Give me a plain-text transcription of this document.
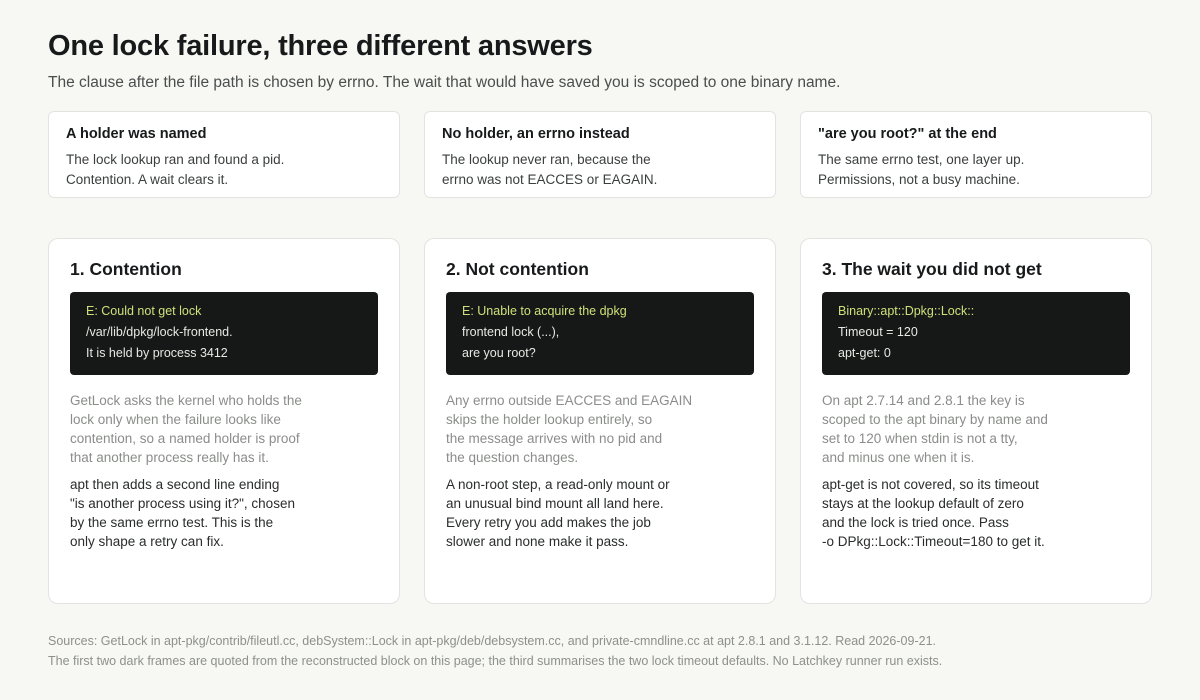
One lock failure, three different answers
The clause after the file path is chosen by errno. The wait that would have saved you is scoped to one binary name.
A holder was named

The lock lookup ran and found a pid.
Contention. A wait clears it.

No holder, an errno instead

The lookup never ran, because the
errno was not EACCES or EAGAIN.

"are you root?" at the end

The same errno test, one layer up.
Permissions, not a busy machine.

1. Contention
E: Could not get lock
/var/lib/dpkg/lock-frontend.
It is held by process 3412

GetLock asks the kernel who holds the
lock only when the failure looks like
contention, so a named holder is proof
that another process really has it.

apt then adds a second line ending
"is another process using it?", chosen
by the same errno test. This is the
only shape a retry can fix.

2. Not contention
E: Unable to acquire the dpkg
frontend lock (...),
are you root?

Any errno outside EACCES and EAGAIN
skips the holder lookup entirely, so
the message arrives with no pid and
the question changes.

A non-root step, a read-only mount or
an unusual bind mount all land here.
Every retry you add makes the job
slower and none make it pass.

3. The wait you did not get
Binary::apt::Dpkg::Lock::
Timeout = 120
apt-get: 0

On apt 2.7.14 and 2.8.1 the key is
scoped to the apt binary by name and
set to 120 when stdin is not a tty,
and minus one when it is.

apt-get is not covered, so its timeout
stays at the lookup default of zero
and the lock is tried once. Pass
-o DPkg::Lock::Timeout=180 to get it.

Sources: GetLock in apt-pkg/contrib/fileutl.cc, debSystem::Lock in apt-pkg/deb/debsystem.cc, and private-cmndline.cc at apt 2.8.1 and 3.1.12. Read 2026-09-21.
The first two dark frames are quoted from the reconstructed block on this page; the third summarises the two lock timeout defaults. No Latchkey runner run exists.
